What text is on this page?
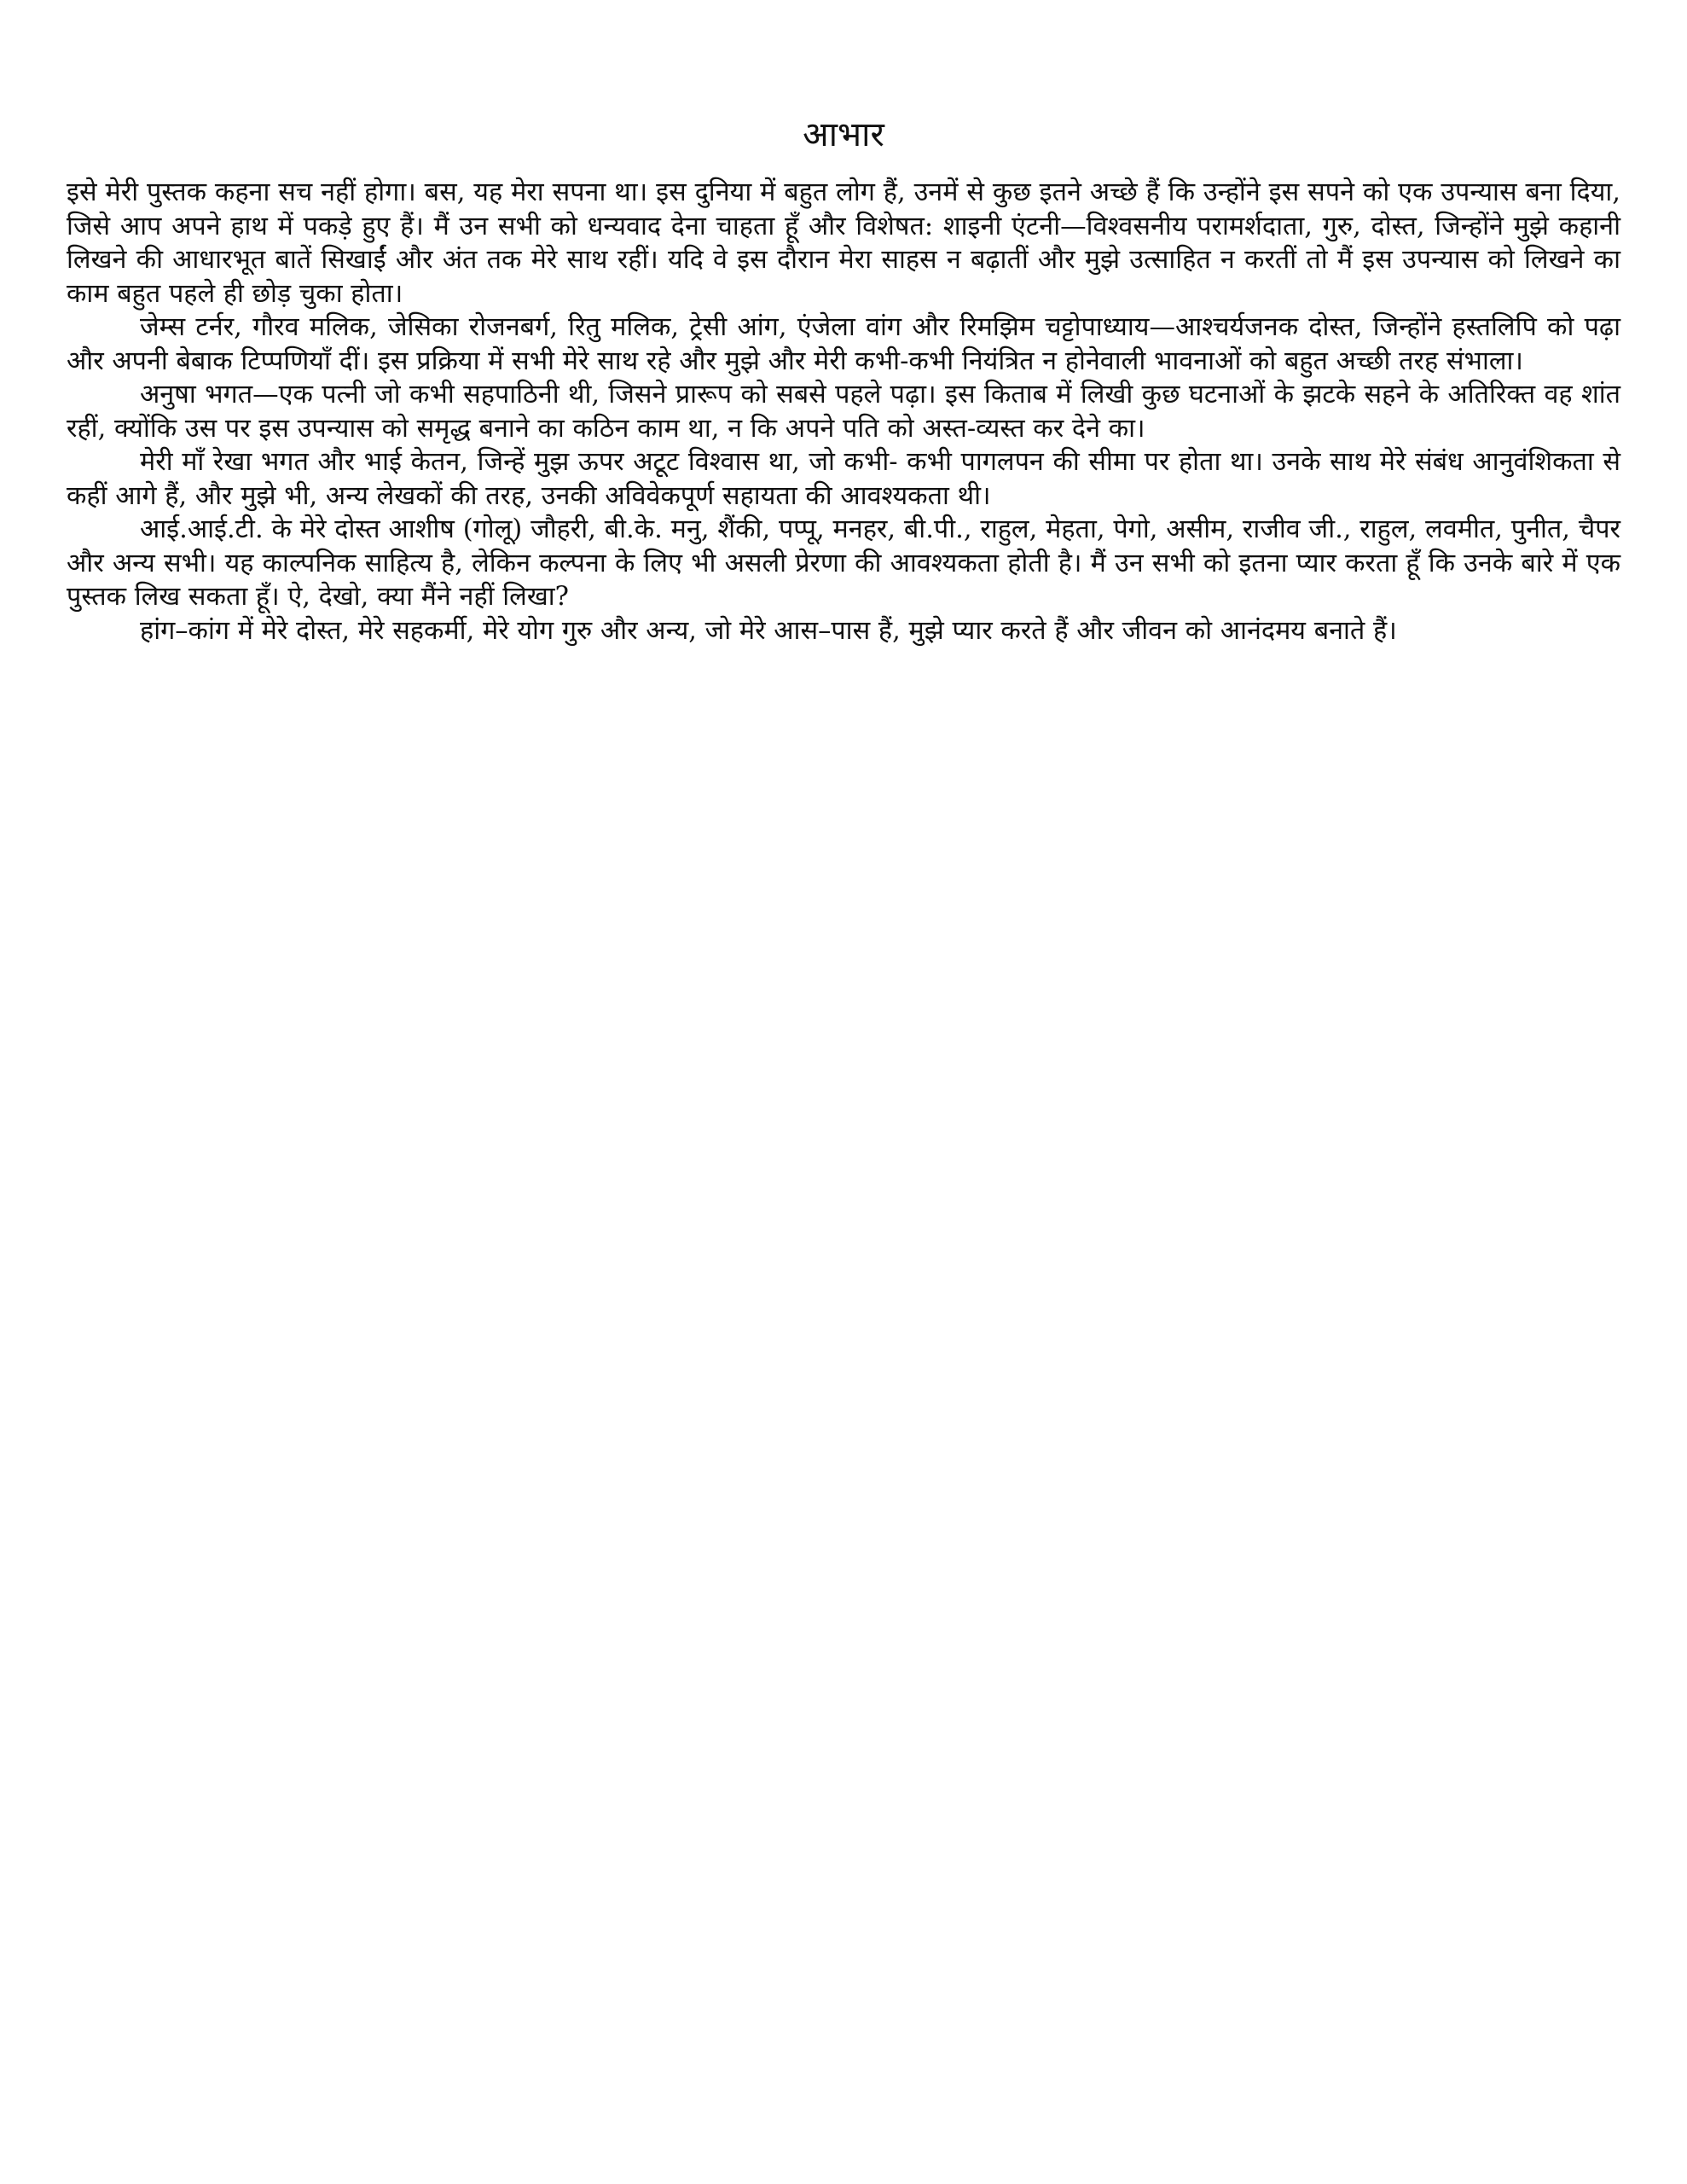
आभार

इसे मेरी पुस्तक कहना सच नहीं होगा। बस, यह मेरा सपना था। इस दुनिया में बहुत लोग हैं, उनमें से कुछ इतने अच्छे हैं कि उन्होंने इस सपने को एक उपन्यास बना दिया, जिसे आप अपने हाथ में पकड़े हुए हैं। मैं उन सभी को धन्यवाद देना चाहता हूँ और विशेषत: शाइनी एंटनी—विश्वसनीय परामर्शदाता, गुरु, दोस्त, जिन्होंने मुझे कहानी लिखने की आधारभूत बातें सिखाईं और अंत तक मेरे साथ रहीं। यदि वे इस दौरान मेरा साहस न बढ़ातीं और मुझे उत्साहित न करतीं तो मैं इस उपन्यास को लिखने का काम बहुत पहले ही छोड़ चुका होता।

जेम्स टर्नर, गौरव मलिक, जेसिका रोजनबर्ग, रितु मलिक, ट्रेसी आंग, एंजेला वांग और रिमझिम चट्टोपाध्याय—आश्चर्यजनक दोस्त, जिन्होंने हस्तलिपि को पढ़ा और अपनी बेबाक टिप्पणियाँ दीं। इस प्रक्रिया में सभी मेरे साथ रहे और मुझे और मेरी कभी-कभी नियंत्रित न होनेवाली भावनाओं को बहुत अच्छी तरह संभाला।

अनुषा भगत—एक पत्नी जो कभी सहपाठिनी थी, जिसने प्रारूप को सबसे पहले पढ़ा। इस किताब में लिखी कुछ घटनाओं के झटके सहने के अतिरिक्त वह शांत रहीं, क्योंकि उस पर इस उपन्यास को समृद्ध बनाने का कठिन काम था, न कि अपने पति को अस्त-व्यस्त कर देने का।

मेरी माँ रेखा भगत और भाई केतन, जिन्हें मुझ ऊपर अटूट विश्वास था, जो कभी- कभी पागलपन की सीमा पर होता था। उनके साथ मेरे संबंध आनुवंशिकता से कहीं आगे हैं, और मुझे भी, अन्य लेखकों की तरह, उनकी अविवेकपूर्ण सहायता की आवश्यकता थी।

आई.आई.टी. के मेरे दोस्त आशीष (गोलू) जौहरी, बी.के. मनु, शैंकी, पप्पू, मनहर, बी.पी., राहुल, मेहता, पेगो, असीम, राजीव जी., राहुल, लवमीत, पुनीत, चैपर और अन्य सभी। यह काल्पनिक साहित्य है, लेकिन कल्पना के लिए भी असली प्रेरणा की आवश्यकता होती है। मैं उन सभी को इतना प्यार करता हूँ कि उनके बारे में एक पुस्तक लिख सकता हूँ। ऐ, देखो, क्या मैंने नहीं लिखा?

हांग–कांग में मेरे दोस्त, मेरे सहकर्मी, मेरे योग गुरु और अन्य, जो मेरे आस–पास हैं, मुझे प्यार करते हैं और जीवन को आनंदमय बनाते हैं।
